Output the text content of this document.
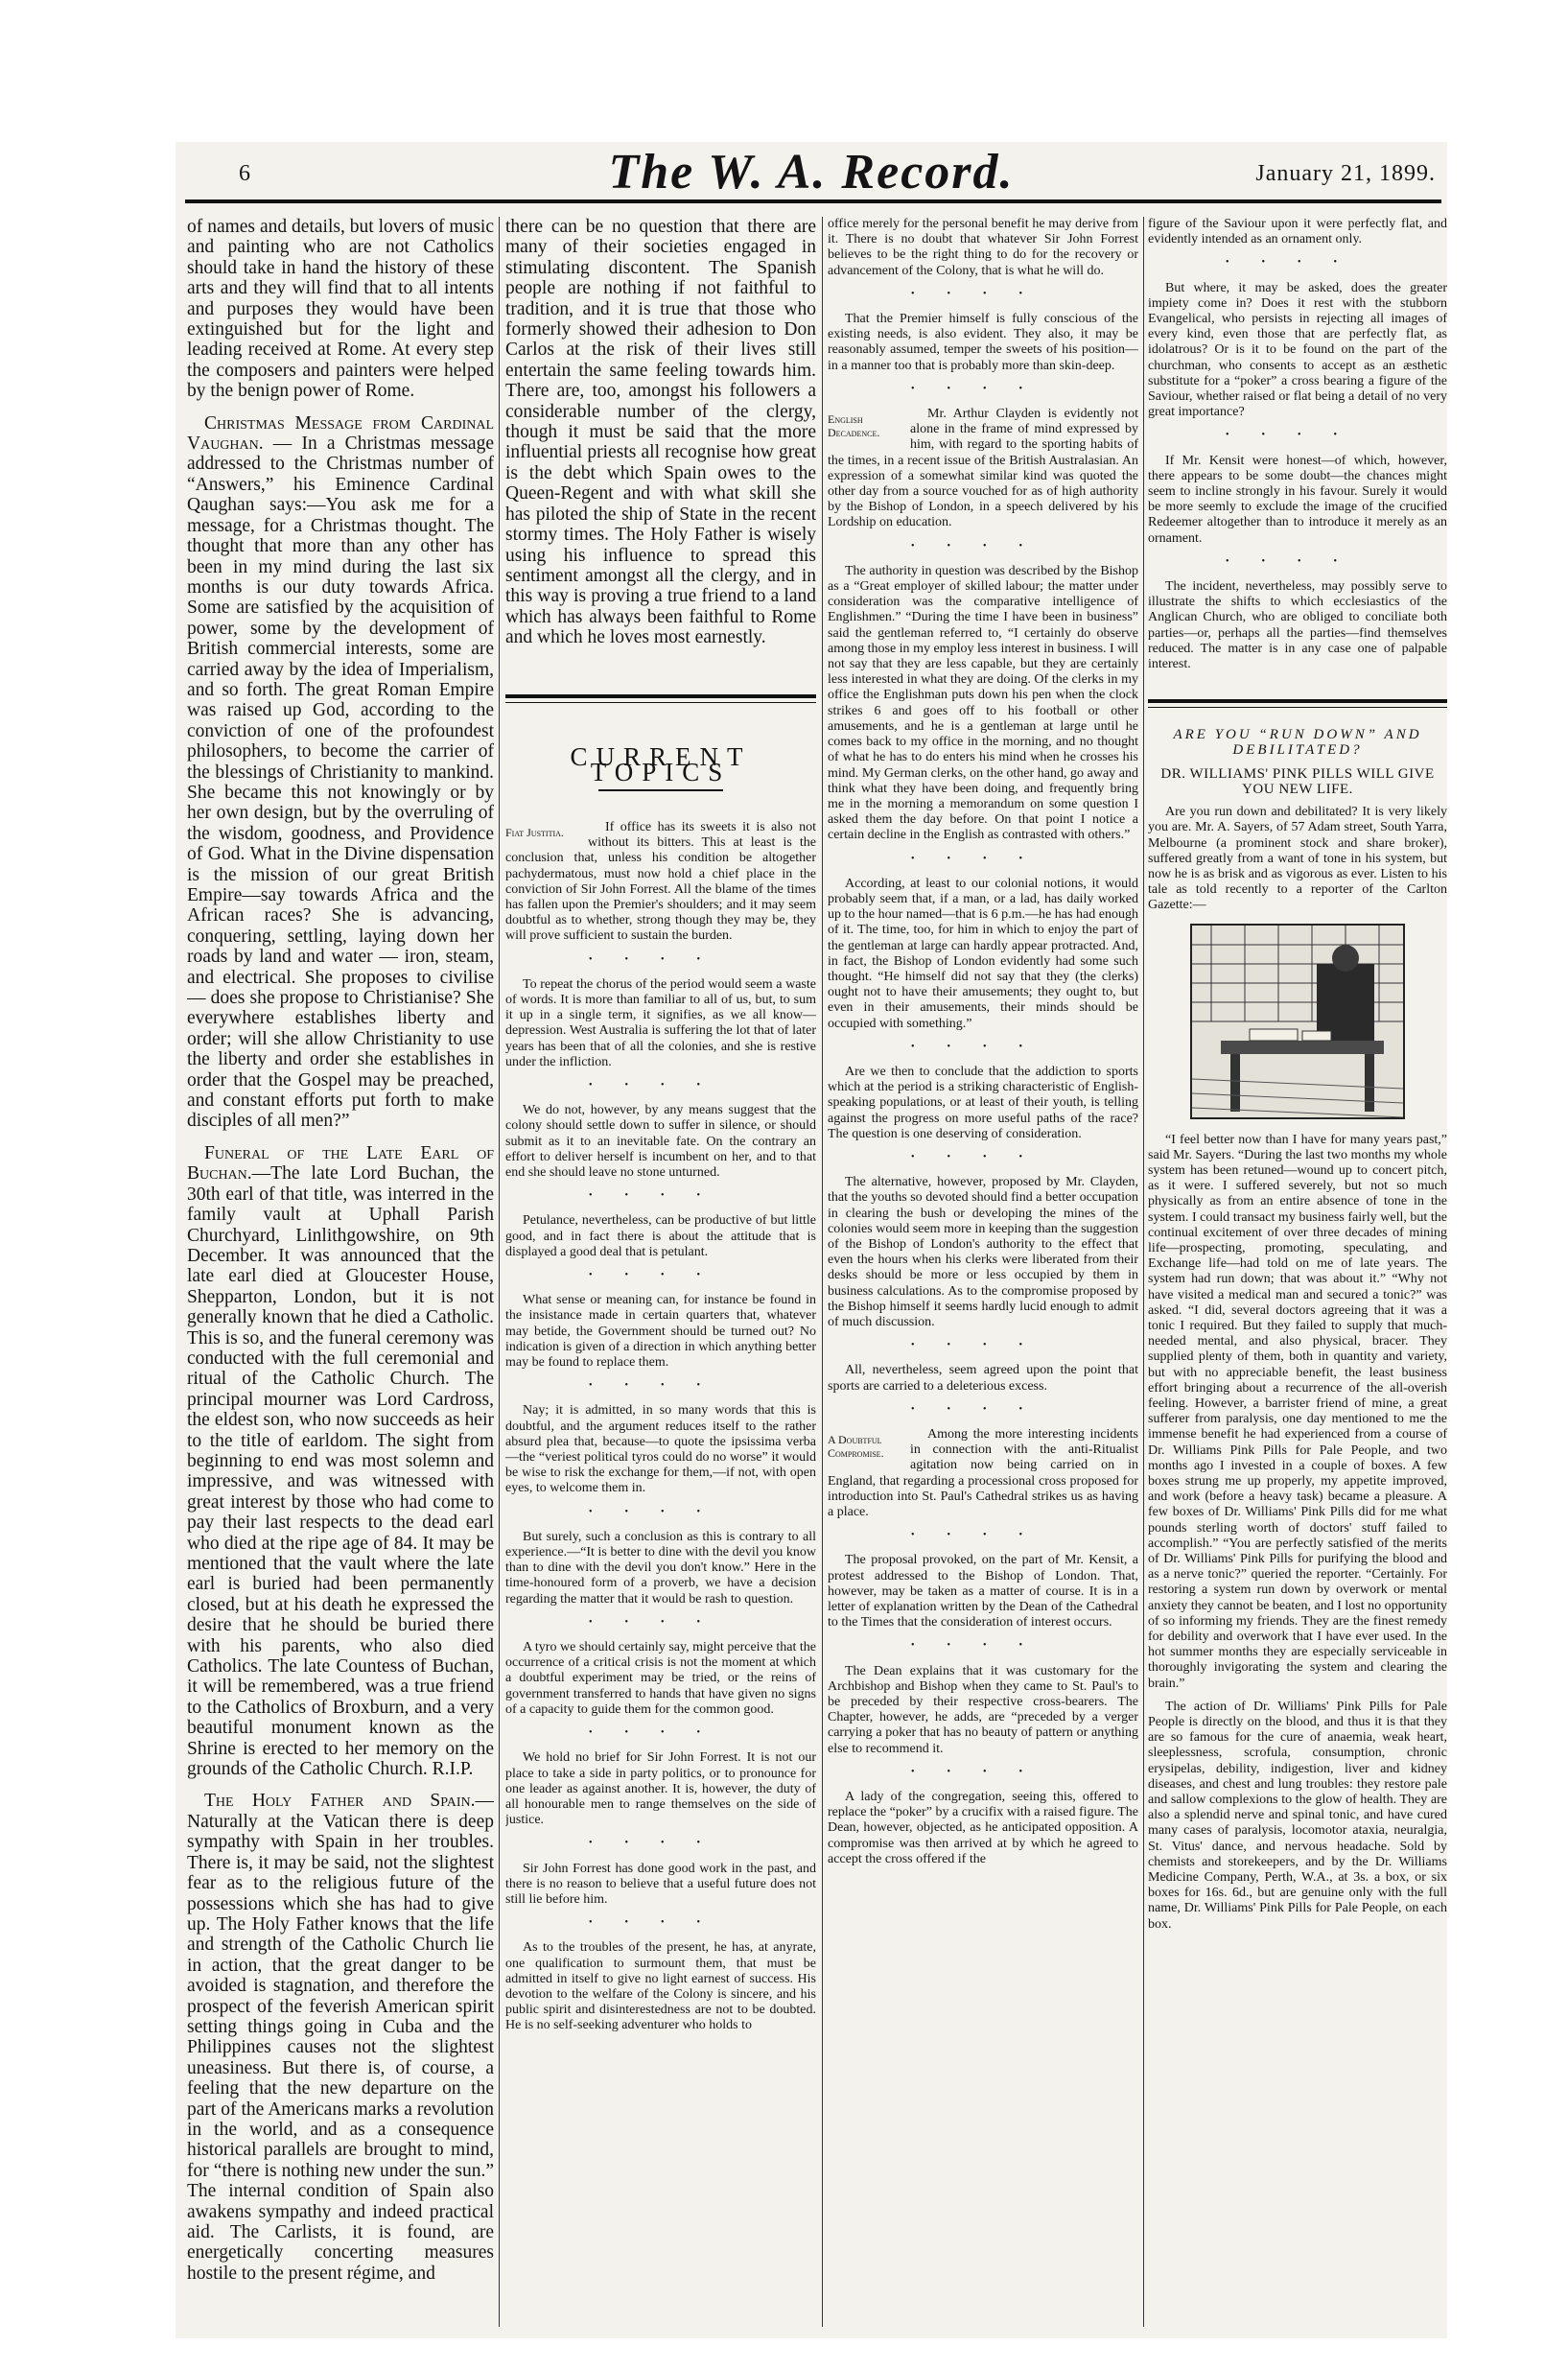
6	The W. A. Record.	January 21, 1899.

of names and details, but lovers of music and painting who are not Catholics should take in hand the history of these arts and they will find that to all intents and purposes they would have been extinguished but for the light and leading received at Rome. At every step the composers and painters were helped by the benign power of Rome.

Christmas Message from Cardinal Vaughan. — In a Christmas message addressed to the Christmas number of “Answers,” his Eminence Cardinal Qaughan says:—You ask me for a message, for a Christmas thought. The thought that more than any other has been in my mind during the last six months is our duty towards Africa. Some are satisfied by the acquisition of power, some by the development of British commercial interests, some are carried away by the idea of Imperialism, and so forth. The great Roman Empire was raised up God, according to the conviction of one of the profoundest philosophers, to become the carrier of the blessings of Christianity to mankind. She became this not knowingly or by her own design, but by the overruling of the wisdom, goodness, and Providence of God. What in the Divine dispensation is the mission of our great British Empire—say towards Africa and the African races? She is advancing, conquering, settling, laying down her roads by land and water — iron, steam, and electrical. She proposes to civilise — does she propose to Christianise? She everywhere establishes liberty and order; will she allow Christianity to use the liberty and order she establishes in order that the Gospel may be preached, and constant efforts put forth to make disciples of all men?”

Funeral of the Late Earl of Buchan.—The late Lord Buchan, the 30th earl of that title, was interred in the family vault at Uphall Parish Churchyard, Linlithgowshire, on 9th December. It was announced that the late earl died at Gloucester House, Shepparton, London, but it is not generally known that he died a Catholic. This is so, and the funeral ceremony was conducted with the full ceremonial and ritual of the Catholic Church. The principal mourner was Lord Cardross, the eldest son, who now succeeds as heir to the title of earldom. The sight from beginning to end was most solemn and impressive, and was witnessed with great interest by those who had come to pay their last respects to the dead earl who died at the ripe age of 84. It may be mentioned that the vault where the late earl is buried had been permanently closed, but at his death he expressed the desire that he should be buried there with his parents, who also died Catholics. The late Countess of Buchan, it will be remembered, was a true friend to the Catholics of Broxburn, and a very beautiful monument known as the Shrine is erected to her memory on the grounds of the Catholic Church. R.I.P.

The Holy Father and Spain.—Naturally at the Vatican there is deep sympathy with Spain in her troubles. There is, it may be said, not the slightest fear as to the religious future of the possessions which she has had to give up. The Holy Father knows that the life and strength of the Catholic Church lie in action, that the great danger to be avoided is stagnation, and therefore the prospect of the feverish American spirit setting things going in Cuba and the Philippines causes not the slightest uneasiness. But there is, of course, a feeling that the new departure on the part of the Americans marks a revolution in the world, and as a consequence historical parallels are brought to mind, for “there is nothing new under the sun.” The internal condition of Spain also awakens sympathy and indeed practical aid. The Carlists, it is found, are energetically concerting measures hostile to the present régime, and

there can be no question that there are many of their societies engaged in stimulating discontent. The Spanish people are nothing if not faithful to tradition, and it is true that those who formerly showed their adhesion to Don Carlos at the risk of their lives still entertain the same feeling towards him. There are, too, amongst his followers a considerable number of the clergy, though it must be said that the more influential priests all recognise how great is the debt which Spain owes to the Queen-Regent and with what skill she has piloted the ship of State in the recent stormy times. The Holy Father is wisely using his influence to spread this sentiment amongst all the clergy, and in this way is proving a true friend to a land which has always been faithful to Rome and which he loves most earnestly.

CURRENT TOPICS

Fiat Justitia.	If office has its sweets it is also not without its bitters. This at least is the conclusion that, unless his condition be altogether pachydermatous, must now hold a chief place in the conviction of Sir John Forrest. All the blame of the times has fallen upon the Premier's shoulders; and it may seem doubtful as to whether, strong though they may be, they will prove sufficient to sustain the burden.

••••

To repeat the chorus of the period would seem a waste of words. It is more than familiar to all of us, but, to sum it up in a single term, it signifies, as we all know—depression. West Australia is suffering the lot that of later years has been that of all the colonies, and she is restive under the infliction.

••••

We do not, however, by any means suggest that the colony should settle down to suffer in silence, or should submit as it to an inevitable fate. On the contrary an effort to deliver herself is incumbent on her, and to that end she should leave no stone unturned.

••••

Petulance, nevertheless, can be productive of but little good, and in fact there is about the attitude that is displayed a good deal that is petulant.

••••

What sense or meaning can, for instance be found in the insistance made in certain quarters that, whatever may betide, the Government should be turned out? No indication is given of a direction in which anything better may be found to replace them.

••••

Nay; it is admitted, in so many words that this is doubtful, and the argument reduces itself to the rather absurd plea that, because—to quote the ipsissima verba—the “veriest political tyros could do no worse” it would be wise to risk the exchange for them,—if not, with open eyes, to welcome them in.

••••

But surely, such a conclusion as this is contrary to all experience.—“It is better to dine with the devil you know than to dine with the devil you don't know.” Here in the time-honoured form of a proverb, we have a decision regarding the matter that it would be rash to question.

••••

A tyro we should certainly say, might perceive that the occurrence of a critical crisis is not the moment at which a doubtful experiment may be tried, or the reins of government transferred to hands that have given no signs of a capacity to guide them for the common good.

••••

We hold no brief for Sir John Forrest. It is not our place to take a side in party politics, or to pronounce for one leader as against another. It is, however, the duty of all honourable men to range themselves on the side of justice.

••••

Sir John Forrest has done good work in the past, and there is no reason to believe that a useful future does not still lie before him.

••••

As to the troubles of the present, he has, at anyrate, one qualification to surmount them, that must be admitted in itself to give no light earnest of success. His devotion to the welfare of the Colony is sincere, and his public spirit and disinterestedness are not to be doubted. He is no self-seeking adventurer who holds to

office merely for the personal benefit he may derive from it. There is no doubt that whatever Sir John Forrest believes to be the right thing to do for the recovery or advancement of the Colony, that is what he will do.

••••

That the Premier himself is fully conscious of the existing needs, is also evident. They also, it may be reasonably assumed, temper the sweets of his position—in a manner too that is probably more than skin-deep.

••••

English Decadence.
Mr. Arthur Clayden is evidently not alone in the frame of mind expressed by him, with regard to the sporting habits of the times, in a recent issue of the British Australasian. An expression of a somewhat similar kind was quoted the other day from a source vouched for as of high authority by the Bishop of London, in a speech delivered by his Lordship on education.

••••

The authority in question was described by the Bishop as a “Great employer of skilled labour; the matter under consideration was the comparative intelligence of Englishmen.” “During the time I have been in business” said the gentleman referred to, “I certainly do observe among those in my employ less interest in business. I will not say that they are less capable, but they are certainly less interested in what they are doing. Of the clerks in my office the Englishman puts down his pen when the clock strikes 6 and goes off to his football or other amusements, and he is a gentleman at large until he comes back to my office in the morning, and no thought of what he has to do enters his mind when he crosses his mind. My German clerks, on the other hand, go away and think what they have been doing, and frequently bring me in the morning a memorandum on some question I asked them the day before. On that point I notice a certain decline in the English as contrasted with others.”

••••

According, at least to our colonial notions, it would probably seem that, if a man, or a lad, has daily worked up to the hour named—that is 6 p.m.—he has had enough of it. The time, too, for him in which to enjoy the part of the gentleman at large can hardly appear protracted. And, in fact, the Bishop of London evidently had some such thought. “He himself did not say that they (the clerks) ought not to have their amusements; they ought to, but even in their amusements, their minds should be occupied with something.”

••••

Are we then to conclude that the addiction to sports which at the period is a striking characteristic of English-speaking populations, or at least of their youth, is telling against the progress on more useful paths of the race? The question is one deserving of consideration.

••••

The alternative, however, proposed by Mr. Clayden, that the youths so devoted should find a better occupation in clearing the bush or developing the mines of the colonies would seem more in keeping than the suggestion of the Bishop of London's authority to the effect that even the hours when his clerks were liberated from their desks should be more or less occupied by them in business calculations. As to the compromise proposed by the Bishop himself it seems hardly lucid enough to admit of much discussion.

••••

All, nevertheless, seem agreed upon the point that sports are carried to a deleterious excess.

••••

A Doubtful Compromise.
Among the more interesting incidents in connection with the anti-Ritualist agitation now being carried on in England, that regarding a processional cross proposed for introduction into St. Paul's Cathedral strikes us as having a place.

••••

The proposal provoked, on the part of Mr. Kensit, a protest addressed to the Bishop of London. That, however, may be taken as a matter of course. It is in a letter of explanation written by the Dean of the Cathedral to the Times that the consideration of interest occurs.

••••

The Dean explains that it was customary for the Archbishop and Bishop when they came to St. Paul's to be preceded by their respective cross-bearers. The Chapter, however, he adds, are “preceded by a verger carrying a poker that has no beauty of pattern or anything else to recommend it.

••••

A lady of the congregation, seeing this, offered to replace the “poker” by a crucifix with a raised figure. The Dean, however, objected, as he anticipated opposition. A compromise was then arrived at by which he agreed to accept the cross offered if the

figure of the Saviour upon it were perfectly flat, and evidently intended as an ornament only.

••••

But where, it may be asked, does the greater impiety come in? Does it rest with the stubborn Evangelical, who persists in rejecting all images of every kind, even those that are perfectly flat, as idolatrous? Or is it to be found on the part of the churchman, who consents to accept as an æsthetic substitute for a “poker” a cross bearing a figure of the Saviour, whether raised or flat being a detail of no very great importance?

••••

If Mr. Kensit were honest—of which, however, there appears to be some doubt—the chances might seem to incline strongly in his favour. Surely it would be more seemly to exclude the image of the crucified Redeemer altogether than to introduce it merely as an ornament.

••••

The incident, nevertheless, may possibly serve to illustrate the shifts to which ecclesiastics of the Anglican Church, who are obliged to conciliate both parties—or, perhaps all the parties—find themselves reduced. The matter is in any case one of palpable interest.

ARE YOU “RUN DOWN” AND DEBILITATED?
DR. WILLIAMS' PINK PILLS WILL GIVE YOU NEW LIFE.

Are you run down and debilitated? It is very likely you are. Mr. A. Sayers, of 57 Adam street, South Yarra, Melbourne (a prominent stock and share broker), suffered greatly from a want of tone in his system, but now he is as brisk and as vigorous as ever. Listen to his tale as told recently to a reporter of the Carlton Gazette:—

“I feel better now than I have for many years past,” said Mr. Sayers. “During the last two months my whole system has been retuned—wound up to concert pitch, as it were. I suffered severely, but not so much physically as from an entire absence of tone in the system. I could transact my business fairly well, but the continual excitement of over three decades of mining life—prospecting, promoting, speculating, and Exchange life—had told on me of late years. The system had run down; that was about it.” “Why not have visited a medical man and secured a tonic?” was asked. “I did, several doctors agreeing that it was a tonic I required. But they failed to supply that much-needed mental, and also physical, bracer. They supplied plenty of them, both in quantity and variety, but with no appreciable benefit, the least business effort bringing about a recurrence of the all-overish feeling. However, a barrister friend of mine, a great sufferer from paralysis, one day mentioned to me the immense benefit he had experienced from a course of Dr. Williams Pink Pills for Pale People, and two months ago I invested in a couple of boxes. A few boxes strung me up properly, my appetite improved, and work (before a heavy task) became a pleasure. A few boxes of Dr. Williams' Pink Pills did for me what pounds sterling worth of doctors' stuff failed to accomplish.” “You are perfectly satisfied of the merits of Dr. Williams' Pink Pills for purifying the blood and as a nerve tonic?” queried the reporter. “Certainly. For restoring a system run down by overwork or mental anxiety they cannot be beaten, and I lost no opportunity of so informing my friends. They are the finest remedy for debility and overwork that I have ever used. In the hot summer months they are especially serviceable in thoroughly invigorating the system and clearing the brain.”

The action of Dr. Williams' Pink Pills for Pale People is directly on the blood, and thus it is that they are so famous for the cure of anaemia, weak heart, sleeplessness, scrofula, consumption, chronic erysipelas, debility, indigestion, liver and kidney diseases, and chest and lung troubles: they restore pale and sallow complexions to the glow of health. They are also a splendid nerve and spinal tonic, and have cured many cases of paralysis, locomotor ataxia, neuralgia, St. Vitus' dance, and nervous headache. Sold by chemists and storekeepers, and by the Dr. Williams Medicine Company, Perth, W.A., at 3s. a box, or six boxes for 16s. 6d., but are genuine only with the full name, Dr. Williams' Pink Pills for Pale People, on each box.
